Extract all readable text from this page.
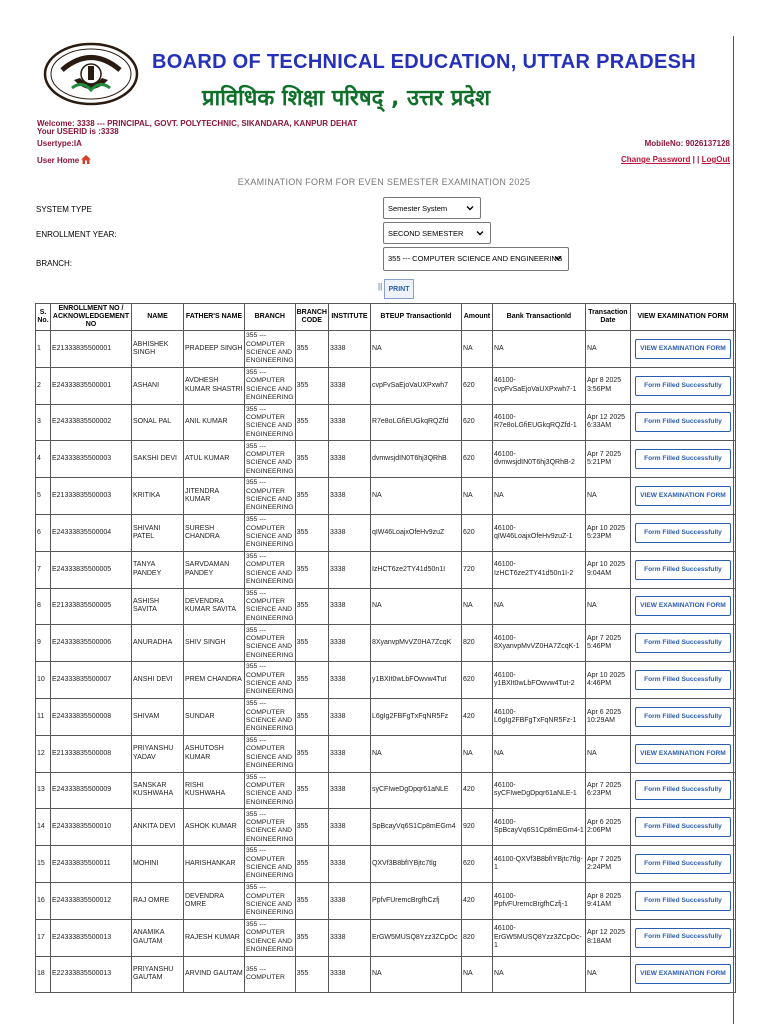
BOARD OF TECHNICAL EDUCATION, UTTAR PRADESH
प्राविधिक शिक्षा परिषद् , उत्तर प्रदेश
Welcome: 3338 --- PRINCIPAL, GOVT. POLYTECHNIC, SIKANDARA, KANPUR DEHAT
Your USERID is :3338
Usertype:IA
User Home
MobileNo: 9026137128
Change Password | | LogOut
EXAMINATION FORM FOR EVEN SEMESTER EXAMINATION 2025
SYSTEM TYPE	Semester System
ENROLLMENT YEAR:	SECOND SEMESTER
BRANCH:
355 --- COMPUTER SCIENCE AND ENGINEERING
|| PRINT
S. No.	ENROLLMENT NO / ACKNOWLEDGEMENT NO	NAME	FATHER'S NAME	BRANCH	BRANCH CODE	INSTITUTE	BTEUP TransactionId	Amount	Bank TransactionId	Transaction Date	VIEW EXAMINATION FORM
1	E21333835500001	ABHISHEK SINGH	PRADEEP SINGH	355 --- COMPUTER SCIENCE AND ENGINEERING	355	3338	NA	NA	NA	NA	VIEW EXAMINATION FORM
2	E24333835500001	ASHANI	AVDHESH KUMAR SHASTRI	355 --- COMPUTER SCIENCE AND ENGINEERING	355	3338	cvpFvSaEjoVaUXPxwh7	620	46100-cvpFvSaEjoVaUXPxwh7-1	Apr 8 2025 3:56PM	Form Filled Successfully
3	E24333835500002	SONAL PAL	ANIL KUMAR	355 --- COMPUTER SCIENCE AND ENGINEERING	355	3338	R7e8oLGfiEUGkqRQZfd	620	46100-R7e8oLGfiEUGkqRQZfd-1	Apr 12 2025 6:33AM	Form Filled Successfully
4	E24333835500003	SAKSHI DEVI	ATUL KUMAR	355 --- COMPUTER SCIENCE AND ENGINEERING	355	3338	dvmwsjdIN0T6hj3QRhB	620	46100-dvmwsjdIN0T6hj3QRhB-2	Apr 7 2025 5:21PM	Form Filled Successfully
5	E21333835500003	KRITIKA	JITENDRA KUMAR	355 --- COMPUTER SCIENCE AND ENGINEERING	355	3338	NA	NA	NA	NA	VIEW EXAMINATION FORM
6	E24333835500004	SHIVANI PATEL	SURESH CHANDRA	355 --- COMPUTER SCIENCE AND ENGINEERING	355	3338	qIW46LoajxOfeHv9zuZ	620	46100-qIW46LoajxOfeHv9zuZ-1	Apr 10 2025 5:23PM	Form Filled Successfully
7	E24333835500005	TANYA PANDEY	SARVDAMAN PANDEY	355 --- COMPUTER SCIENCE AND ENGINEERING	355	3338	IzHCT6ze2TY41d50n1I	720	46100-IzHCT6ze2TY41d50n1I-2	Apr 10 2025 9:04AM	Form Filled Successfully
8	E21333835500005	ASHISH SAVITA	DEVENDRA KUMAR SAVITA	355 --- COMPUTER SCIENCE AND ENGINEERING	355	3338	NA	NA	NA	NA	VIEW EXAMINATION FORM
9	E24333835500006	ANURADHA	SHIV SINGH	355 --- COMPUTER SCIENCE AND ENGINEERING	355	3338	8XyanvpMvVZ0HA7ZcqK	820	46100-8XyanvpMvVZ0HA7ZcqK-1	Apr 7 2025 5:46PM	Form Filled Successfully
10	E24333835500007	ANSHI DEVI	PREM CHANDRA	355 --- COMPUTER SCIENCE AND ENGINEERING	355	3338	y1BXIt0wLbFOwvw4Tut	620	46100-y1BXIt0wLbFOwvw4Tut-2	Apr 10 2025 4:46PM	Form Filled Successfully
11	E24333835500008	SHIVAM	SUNDAR	355 --- COMPUTER SCIENCE AND ENGINEERING	355	3338	L6gIg2FBFgTxFqNR5Fz	420	46100-L6gIg2FBFgTxFqNR5Fz-1	Apr 6 2025 10:29AM	Form Filled Successfully
12	E21333835500008	PRIYANSHU YADAV	ASHUTOSH KUMAR	355 --- COMPUTER SCIENCE AND ENGINEERING	355	3338	NA	NA	NA	NA	VIEW EXAMINATION FORM
13	E24333835500009	SANSKAR KUSHWAHA	RISHI KUSHWAHA	355 --- COMPUTER SCIENCE AND ENGINEERING	355	3338	syCFIweDgDpqr61aNLE	420	46100-syCFIweDgDpqr61aNLE-1	Apr 7 2025 6:23PM	Form Filled Successfully
14	E24333835500010	ANKITA DEVI	ASHOK KUMAR	355 --- COMPUTER SCIENCE AND ENGINEERING	355	3338	SpBcayVq6S1Cp8mEGm4	920	46100-SpBcayVq6S1Cp8mEGm4-1	Apr 6 2025 2:06PM	Form Filled Successfully
15	E24333835500011	MOHINI	HARISHANKAR	355 --- COMPUTER SCIENCE AND ENGINEERING	355	3338	QXVf3B8bfIYBjtc7tlg	620	46100-QXVf3B8bfIYBjtc7tlg-1	Apr 7 2025 2:24PM	Form Filled Successfully
16	E24333835500012	RAJ OMRE	DEVENDRA OMRE	355 --- COMPUTER SCIENCE AND ENGINEERING	355	3338	PpfvFUremcBrgfhCzfj	420	46100-PpfvFUremcBrgfhCzfj-1	Apr 8 2025 9:41AM	Form Filled Successfully
17	E24333835500013	ANAMIKA GAUTAM	RAJESH KUMAR	355 --- COMPUTER SCIENCE AND ENGINEERING	355	3338	ErGW5MUSQ8Yzz3ZCpOc	820	46100-ErGW5MUSQ8Yzz3ZCpOc-1	Apr 12 2025 8:18AM	Form Filled Successfully
18	E22333835500013	PRIYANSHU GAUTAM	ARVIND GAUTAM	355 --- COMPUTER	355	3338	NA	NA	NA	NA	VIEW EXAMINATION FORM
